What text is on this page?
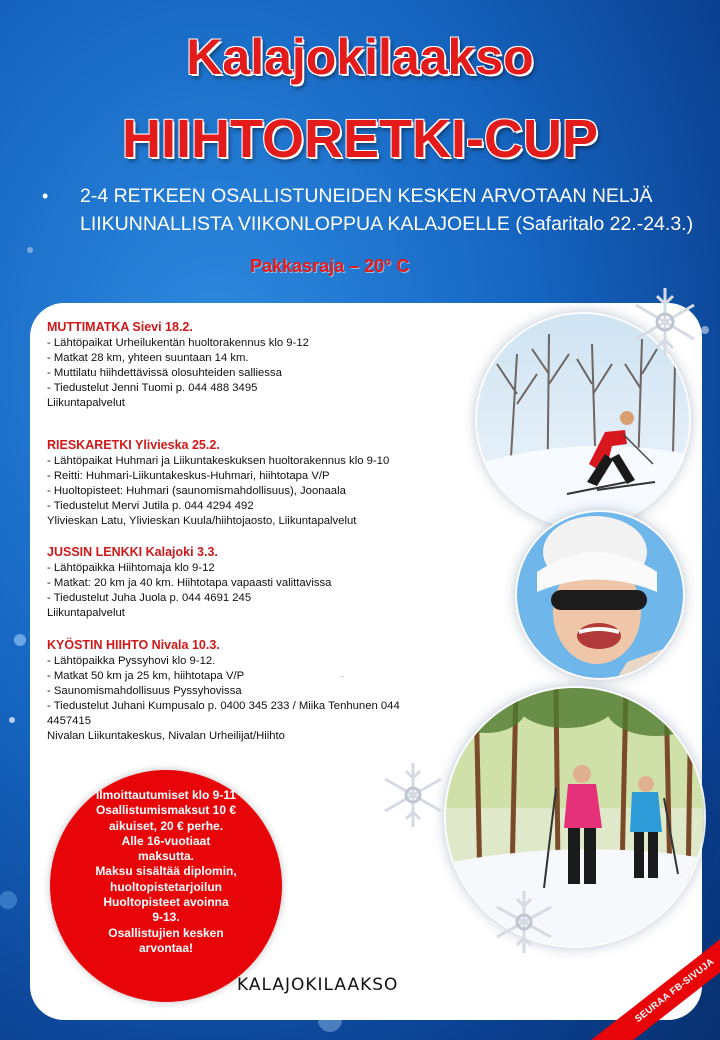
Kalajokilaakso
HIIHTORETKI-CUP
•	2-4 RETKEEN OSALLISTUNEIDEN KESKEN ARVOTAAN NELJÄ LIIKUNNALLISTA VIIKONLOPPUA KALAJOELLE (Safaritalo 22.-24.3.)
Pakkasraja – 20° C
MUTTIMATKA Sievi 18.2.
- Lähtöpaikat Urheilukentän huoltorakennus klo 9-12
- Matkat 28 km, yhteen suuntaan 14 km.
- Muttilatu hiihdettävissä olosuhteiden salliessa
- Tiedustelut Jenni Tuomi p. 044 488 3495
Liikuntapalvelut
RIESKARETKI Ylivieska 25.2.
- Lähtöpaikat Huhmari ja Liikuntakeskuksen huoltorakennus klo 9-10
- Reitti: Huhmari-Liikuntakeskus-Huhmari, hiihtotapa V/P
- Huoltopisteet: Huhmari (saunomismahdollisuus), Joonaala
- Tiedustelut Mervi Jutila p. 044 4294 492
Ylivieskan Latu, Ylivieskan Kuula/hiihtojaosto, Liikuntapalvelut
JUSSIN LENKKI Kalajoki 3.3.
- Lähtöpaikka Hiihtomaja klo 9-12
- Matkat: 20 km ja 40 km. Hiihtotapa vapaasti valittavissa
- Tiedustelut Juha Juola p. 044 4691 245
Liikuntapalvelut
KYÖSTIN HIIHTO Nivala 10.3.
- Lähtöpaikka Pyssyhovi klo 9-12.
- Matkat 50 km ja 25 km, hiihtotapa V/P
- Saunomismahdollisuus Pyssyhovissa
- Tiedustelut Juhani Kumpusalo p. 0400 345 233 / Miika Tenhunen 044
4457415
Nivalan Liikuntakeskus, Nivalan Urheilijat/Hiihto
..
Ilmoittautumiset klo 9-11
Osallistumismaksut 10 €
aikuiset, 20 € perhe.
Alle 16-vuotiaat
maksutta.
Maksu sisältää diplomin,
huoltopistetarjoilun
Huoltopisteet avoinna
9-13.
Osallistujien kesken
arvontaa!
KALAJOKILAAKSO	SEURAA FB-SIVUJA
